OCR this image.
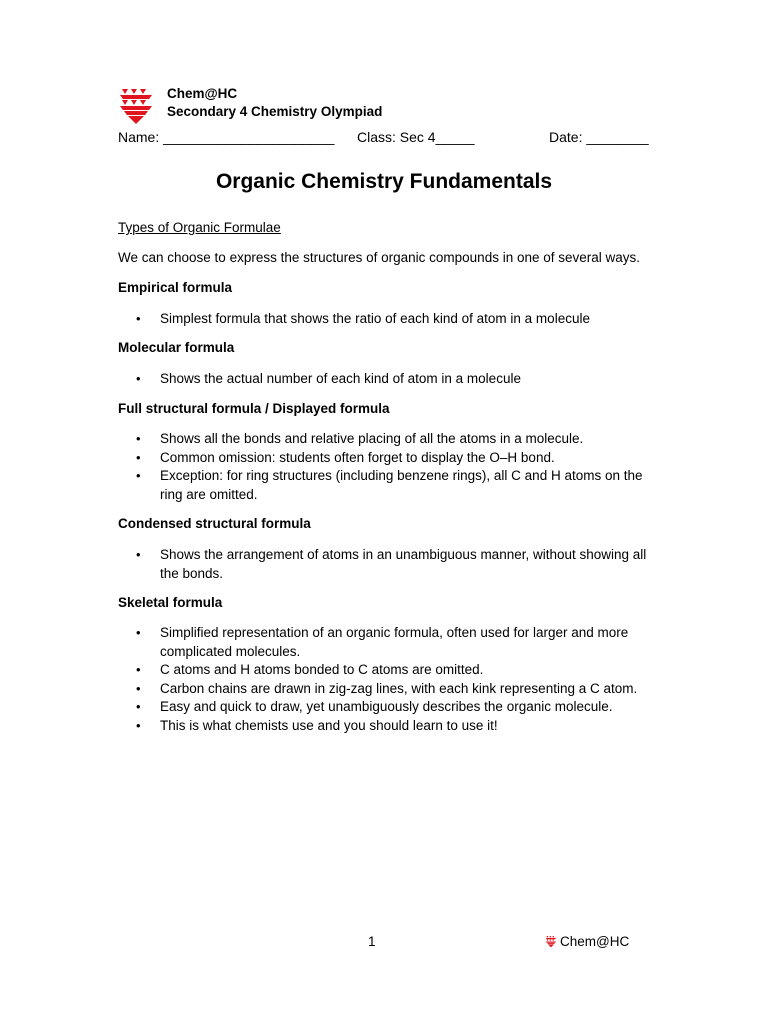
Chem@HC
Secondary 4 Chemistry Olympiad
Name: ______________________ Class: Sec 4_____	Date: ________
Organic Chemistry Fundamentals
Types of Organic Formulae
We can choose to express the structures of organic compounds in one of several ways.
Empirical formula
• Simplest formula that shows the ratio of each kind of atom in a molecule
Molecular formula
• Shows the actual number of each kind of atom in a molecule
Full structural formula / Displayed formula
• Shows all the bonds and relative placing of all the atoms in a molecule.
• Common omission: students often forget to display the O–H bond.
• Exception: for ring structures (including benzene rings), all C and H atoms on the ring are omitted.
Condensed structural formula
• Shows the arrangement of atoms in an unambiguous manner, without showing all the bonds.
Skeletal formula
• Simplified representation of an organic formula, often used for larger and more complicated molecules.
• C atoms and H atoms bonded to C atoms are omitted.
• Carbon chains are drawn in zig-zag lines, with each kink representing a C atom.
• Easy and quick to draw, yet unambiguously describes the organic molecule.
• This is what chemists use and you should learn to use it!
1	Chem@HC
